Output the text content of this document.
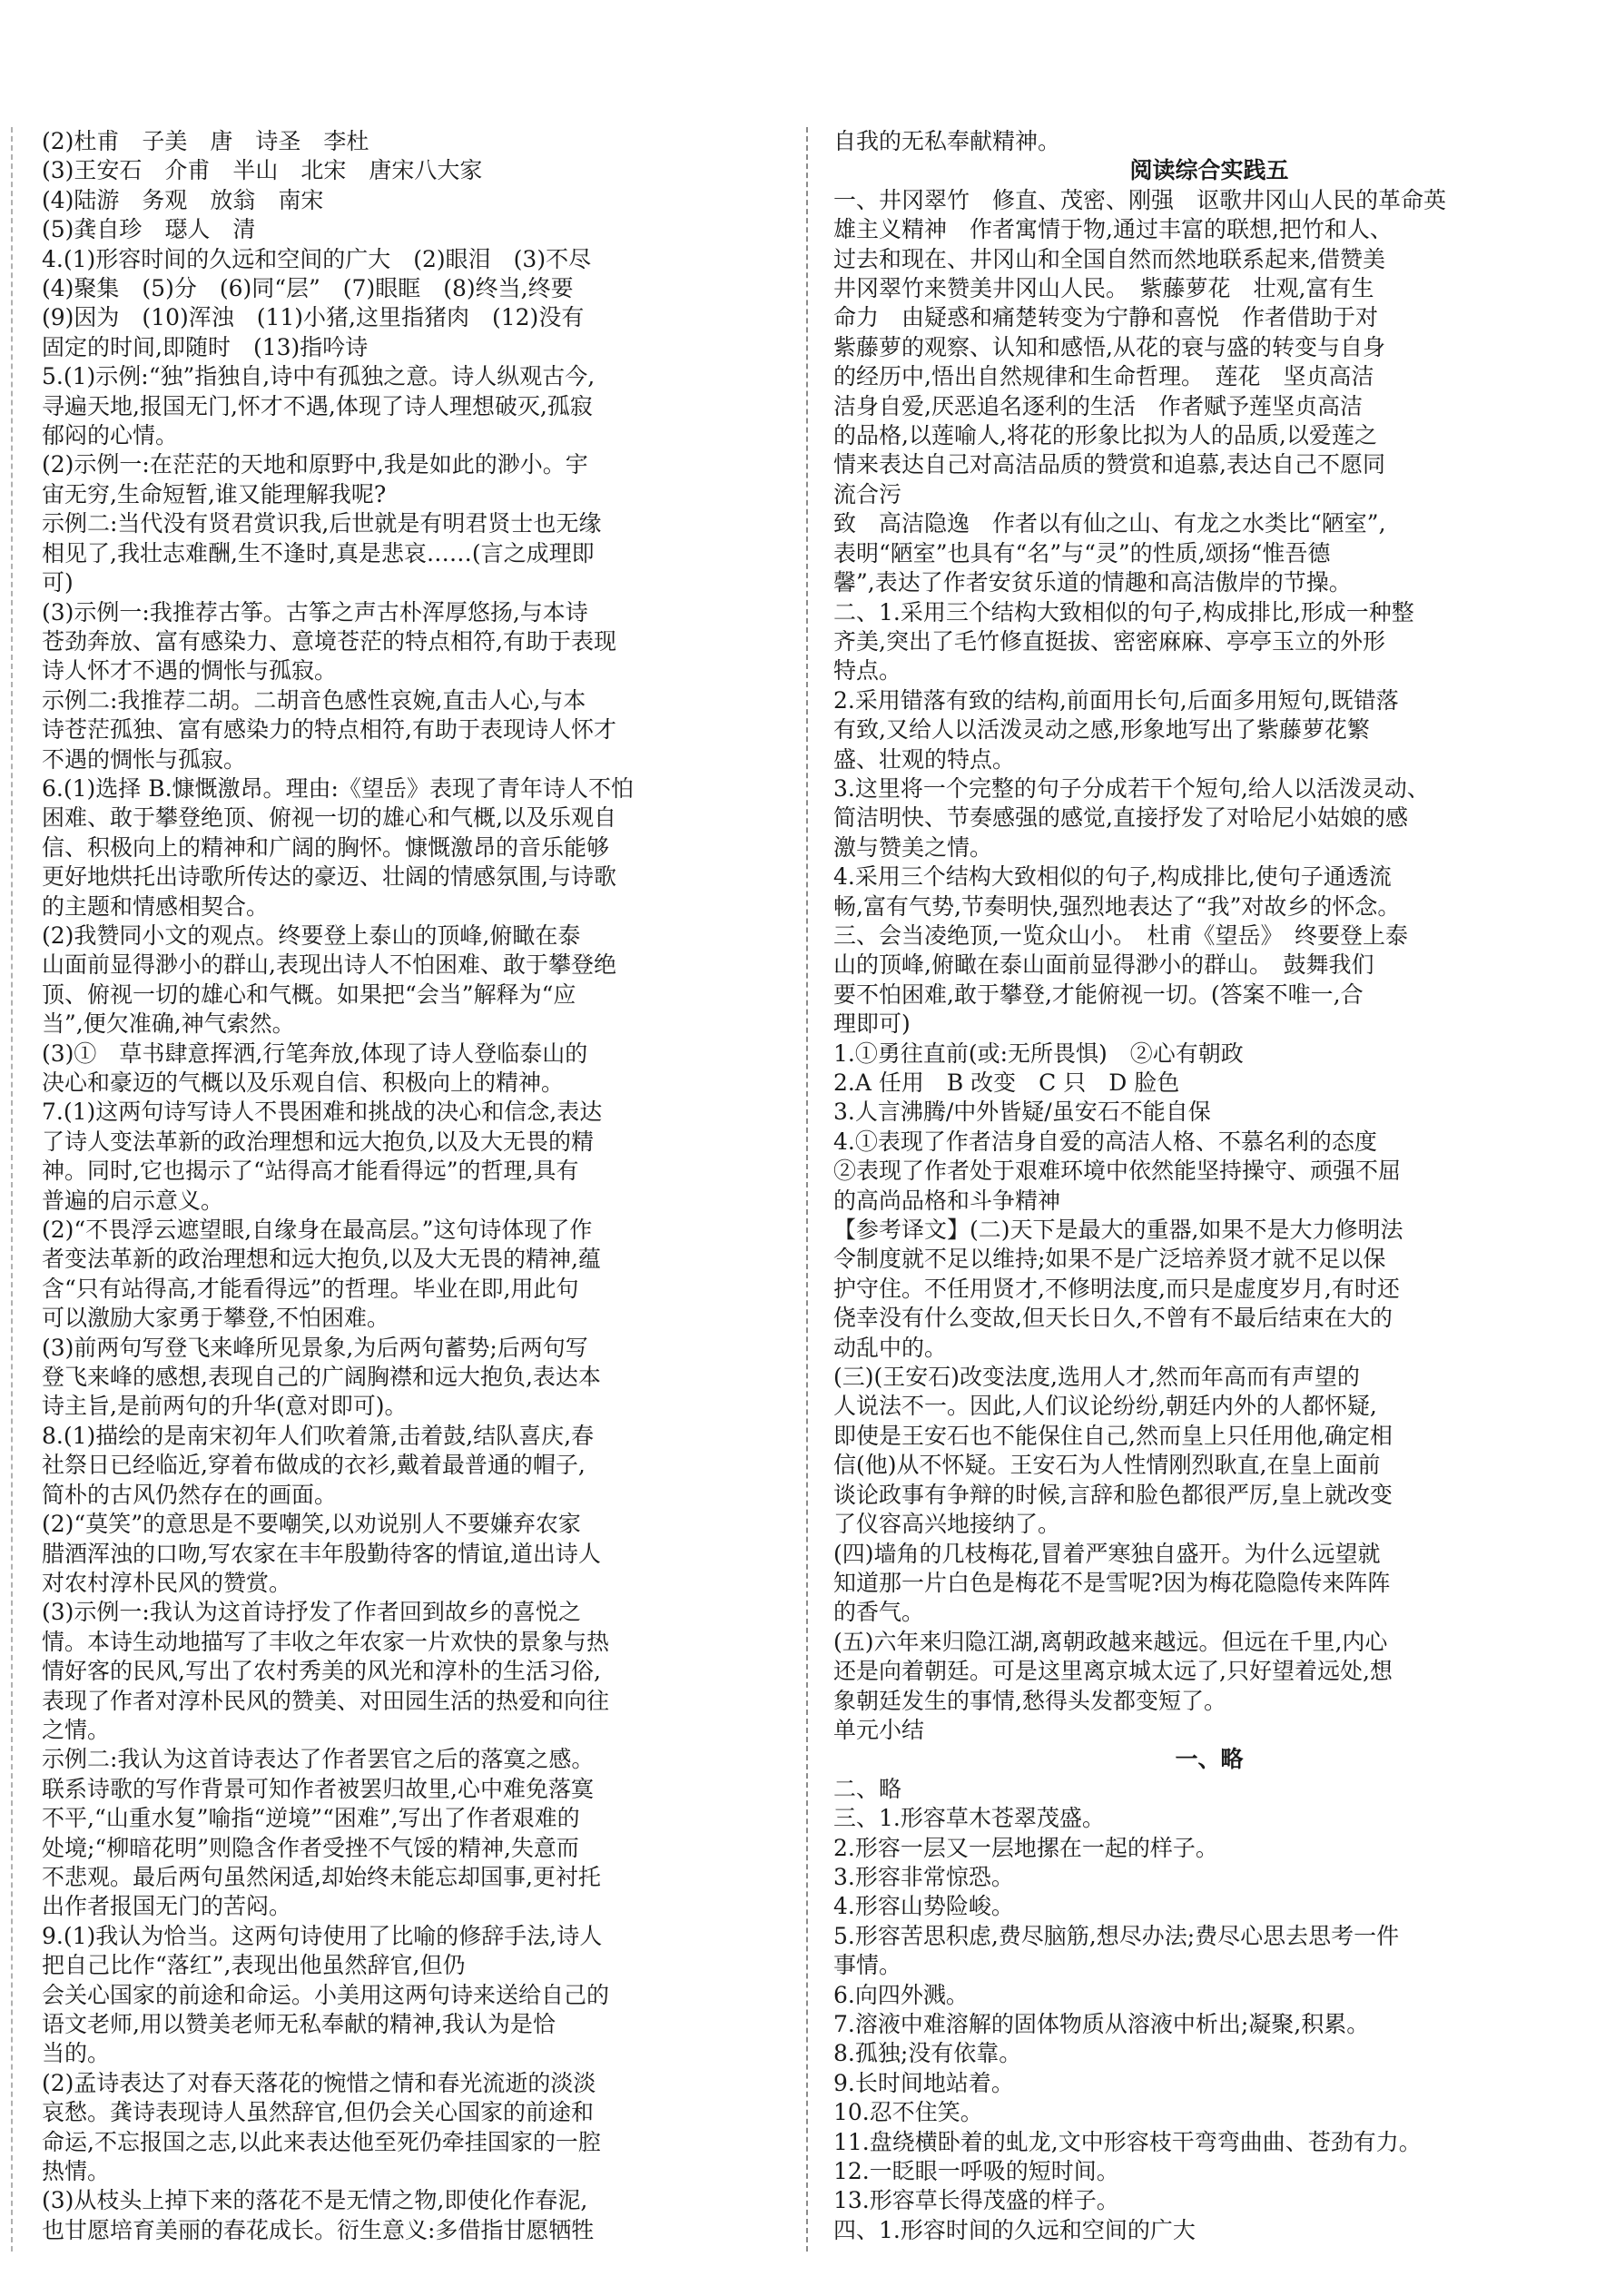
(2)杜甫　子美　唐　诗圣　李杜
(3)王安石　介甫　半山　北宋　唐宋八大家
(4)陆游　务观　放翁　南宋
(5)龚自珍　璱人　清
4.(1)形容时间的久远和空间的广大　(2)眼泪　(3)不尽
(4)聚集　(5)分　(6)同“层”　(7)眼眶　(8)终当,终要
(9)因为　(10)浑浊　(11)小猪,这里指猪肉　(12)没有
固定的时间,即随时　(13)指吟诗
5.(1)示例:“独”指独自,诗中有孤独之意。诗人纵观古今,
寻遍天地,报国无门,怀才不遇,体现了诗人理想破灭,孤寂
郁闷的心情。
(2)示例一:在茫茫的天地和原野中,我是如此的渺小。宇
宙无穷,生命短暂,谁又能理解我呢?
示例二:当代没有贤君赏识我,后世就是有明君贤士也无缘
相见了,我壮志难酬,生不逢时,真是悲哀……(言之成理即
可)
(3)示例一:我推荐古筝。古筝之声古朴浑厚悠扬,与本诗
苍劲奔放、富有感染力、意境苍茫的特点相符,有助于表现
诗人怀才不遇的惆怅与孤寂。
示例二:我推荐二胡。二胡音色感性哀婉,直击人心,与本
诗苍茫孤独、富有感染力的特点相符,有助于表现诗人怀才
不遇的惆怅与孤寂。
6.(1)选择 B.慷慨激昂。理由:《望岳》表现了青年诗人不怕
困难、敢于攀登绝顶、俯视一切的雄心和气概,以及乐观自
信、积极向上的精神和广阔的胸怀。慷慨激昂的音乐能够
更好地烘托出诗歌所传达的豪迈、壮阔的情感氛围,与诗歌
的主题和情感相契合。
(2)我赞同小文的观点。终要登上泰山的顶峰,俯瞰在泰
山面前显得渺小的群山,表现出诗人不怕困难、敢于攀登绝
顶、俯视一切的雄心和气概。如果把“会当”解释为“应
当”,便欠准确,神气索然。
(3)①　草书肆意挥洒,行笔奔放,体现了诗人登临泰山的
决心和豪迈的气概以及乐观自信、积极向上的精神。
7.(1)这两句诗写诗人不畏困难和挑战的决心和信念,表达
了诗人变法革新的政治理想和远大抱负,以及大无畏的精
神。同时,它也揭示了“站得高才能看得远”的哲理,具有
普遍的启示意义。
(2)“不畏浮云遮望眼,自缘身在最高层。”这句诗体现了作
者变法革新的政治理想和远大抱负,以及大无畏的精神,蕴
含“只有站得高,才能看得远”的哲理。毕业在即,用此句
可以激励大家勇于攀登,不怕困难。
(3)前两句写登飞来峰所见景象,为后两句蓄势;后两句写
登飞来峰的感想,表现自己的广阔胸襟和远大抱负,表达本
诗主旨,是前两句的升华(意对即可)。
8.(1)描绘的是南宋初年人们吹着箫,击着鼓,结队喜庆,春
社祭日已经临近,穿着布做成的衣衫,戴着最普通的帽子,
简朴的古风仍然存在的画面。
(2)“莫笑”的意思是不要嘲笑,以劝说别人不要嫌弃农家
腊酒浑浊的口吻,写农家在丰年殷勤待客的情谊,道出诗人
对农村淳朴民风的赞赏。
(3)示例一:我认为这首诗抒发了作者回到故乡的喜悦之
情。本诗生动地描写了丰收之年农家一片欢快的景象与热
情好客的民风,写出了农村秀美的风光和淳朴的生活习俗,
表现了作者对淳朴民风的赞美、对田园生活的热爱和向往
之情。
示例二:我认为这首诗表达了作者罢官之后的落寞之感。
联系诗歌的写作背景可知作者被罢归故里,心中难免落寞
不平,“山重水复”喻指“逆境”“困难”,写出了作者艰难的
处境;“柳暗花明”则隐含作者受挫不气馁的精神,失意而
不悲观。最后两句虽然闲适,却始终未能忘却国事,更衬托
出作者报国无门的苦闷。
9.(1)我认为恰当。这两句诗使用了比喻的修辞手法,诗人
把自己比作“落红”,表现出他虽然辞官,但仍
会关心国家的前途和命运。小美用这两句诗来送给自己的
语文老师,用以赞美老师无私奉献的精神,我认为是恰
当的。
(2)孟诗表达了对春天落花的惋惜之情和春光流逝的淡淡
哀愁。龚诗表现诗人虽然辞官,但仍会关心国家的前途和
命运,不忘报国之志,以此来表达他至死仍牵挂国家的一腔
热情。
(3)从枝头上掉下来的落花不是无情之物,即使化作春泥,
也甘愿培育美丽的春花成长。衍生意义:多借指甘愿牺牲
自我的无私奉献精神。
阅读综合实践五
一、井冈翠竹　修直、茂密、刚强　讴歌井冈山人民的革命英
雄主义精神　作者寓情于物,通过丰富的联想,把竹和人、
过去和现在、井冈山和全国自然而然地联系起来,借赞美
井冈翠竹来赞美井冈山人民。　紫藤萝花　壮观,富有生
命力　由疑惑和痛楚转变为宁静和喜悦　作者借助于对
紫藤萝的观察、认知和感悟,从花的衰与盛的转变与自身
的经历中,悟出自然规律和生命哲理。　莲花　坚贞高洁
洁身自爱,厌恶追名逐利的生活　作者赋予莲坚贞高洁
的品格,以莲喻人,将花的形象比拟为人的品质,以爱莲之
情来表达自己对高洁品质的赞赏和追慕,表达自己不愿同
流合污
致　高洁隐逸　作者以有仙之山、有龙之水类比“陋室”,
表明“陋室”也具有“名”与“灵”的性质,颂扬“惟吾德
馨”,表达了作者安贫乐道的情趣和高洁傲岸的节操。
二、1.采用三个结构大致相似的句子,构成排比,形成一种整
齐美,突出了毛竹修直挺拔、密密麻麻、亭亭玉立的外形
特点。
2.采用错落有致的结构,前面用长句,后面多用短句,既错落
有致,又给人以活泼灵动之感,形象地写出了紫藤萝花繁
盛、壮观的特点。
3.这里将一个完整的句子分成若干个短句,给人以活泼灵动、
简洁明快、节奏感强的感觉,直接抒发了对哈尼小姑娘的感
激与赞美之情。
4.采用三个结构大致相似的句子,构成排比,使句子通透流
畅,富有气势,节奏明快,强烈地表达了“我”对故乡的怀念。
三、会当凌绝顶,一览众山小。　杜甫《望岳》　终要登上泰
山的顶峰,俯瞰在泰山面前显得渺小的群山。　鼓舞我们
要不怕困难,敢于攀登,才能俯视一切。(答案不唯一,合
理即可)
1.①勇往直前(或:无所畏惧)　②心有朝政
2.A 任用　B 改变　C 只　D 脸色
3.人言沸腾/中外皆疑/虽安石不能自保
4.①表现了作者洁身自爱的高洁人格、不慕名利的态度
②表现了作者处于艰难环境中依然能坚持操守、顽强不屈
的高尚品格和斗争精神
【参考译文】(二)天下是最大的重器,如果不是大力修明法
令制度就不足以维持;如果不是广泛培养贤才就不足以保
护守住。不任用贤才,不修明法度,而只是虚度岁月,有时还
侥幸没有什么变故,但天长日久,不曾有不最后结束在大的
动乱中的。
(三)(王安石)改变法度,选用人才,然而年高而有声望的
人说法不一。因此,人们议论纷纷,朝廷内外的人都怀疑,
即使是王安石也不能保住自己,然而皇上只任用他,确定相
信(他)从不怀疑。王安石为人性情刚烈耿直,在皇上面前
谈论政事有争辩的时候,言辞和脸色都很严厉,皇上就改变
了仪容高兴地接纳了。
(四)墙角的几枝梅花,冒着严寒独自盛开。为什么远望就
知道那一片白色是梅花不是雪呢?因为梅花隐隐传来阵阵
的香气。
(五)六年来归隐江湖,离朝政越来越远。但远在千里,内心
还是向着朝廷。可是这里离京城太远了,只好望着远处,想
象朝廷发生的事情,愁得头发都变短了。
单元小结
一、略
二、略
三、1.形容草木苍翠茂盛。
2.形容一层又一层地摞在一起的样子。
3.形容非常惊恐。
4.形容山势险峻。
5.形容苦思积虑,费尽脑筋,想尽办法;费尽心思去思考一件
事情。
6.向四外溅。
7.溶液中难溶解的固体物质从溶液中析出;凝聚,积累。
8.孤独;没有依靠。
9.长时间地站着。
10.忍不住笑。
11.盘绕横卧着的虬龙,文中形容枝干弯弯曲曲、苍劲有力。
12.一眨眼一呼吸的短时间。
13.形容草长得茂盛的样子。
四、1.形容时间的久远和空间的广大
